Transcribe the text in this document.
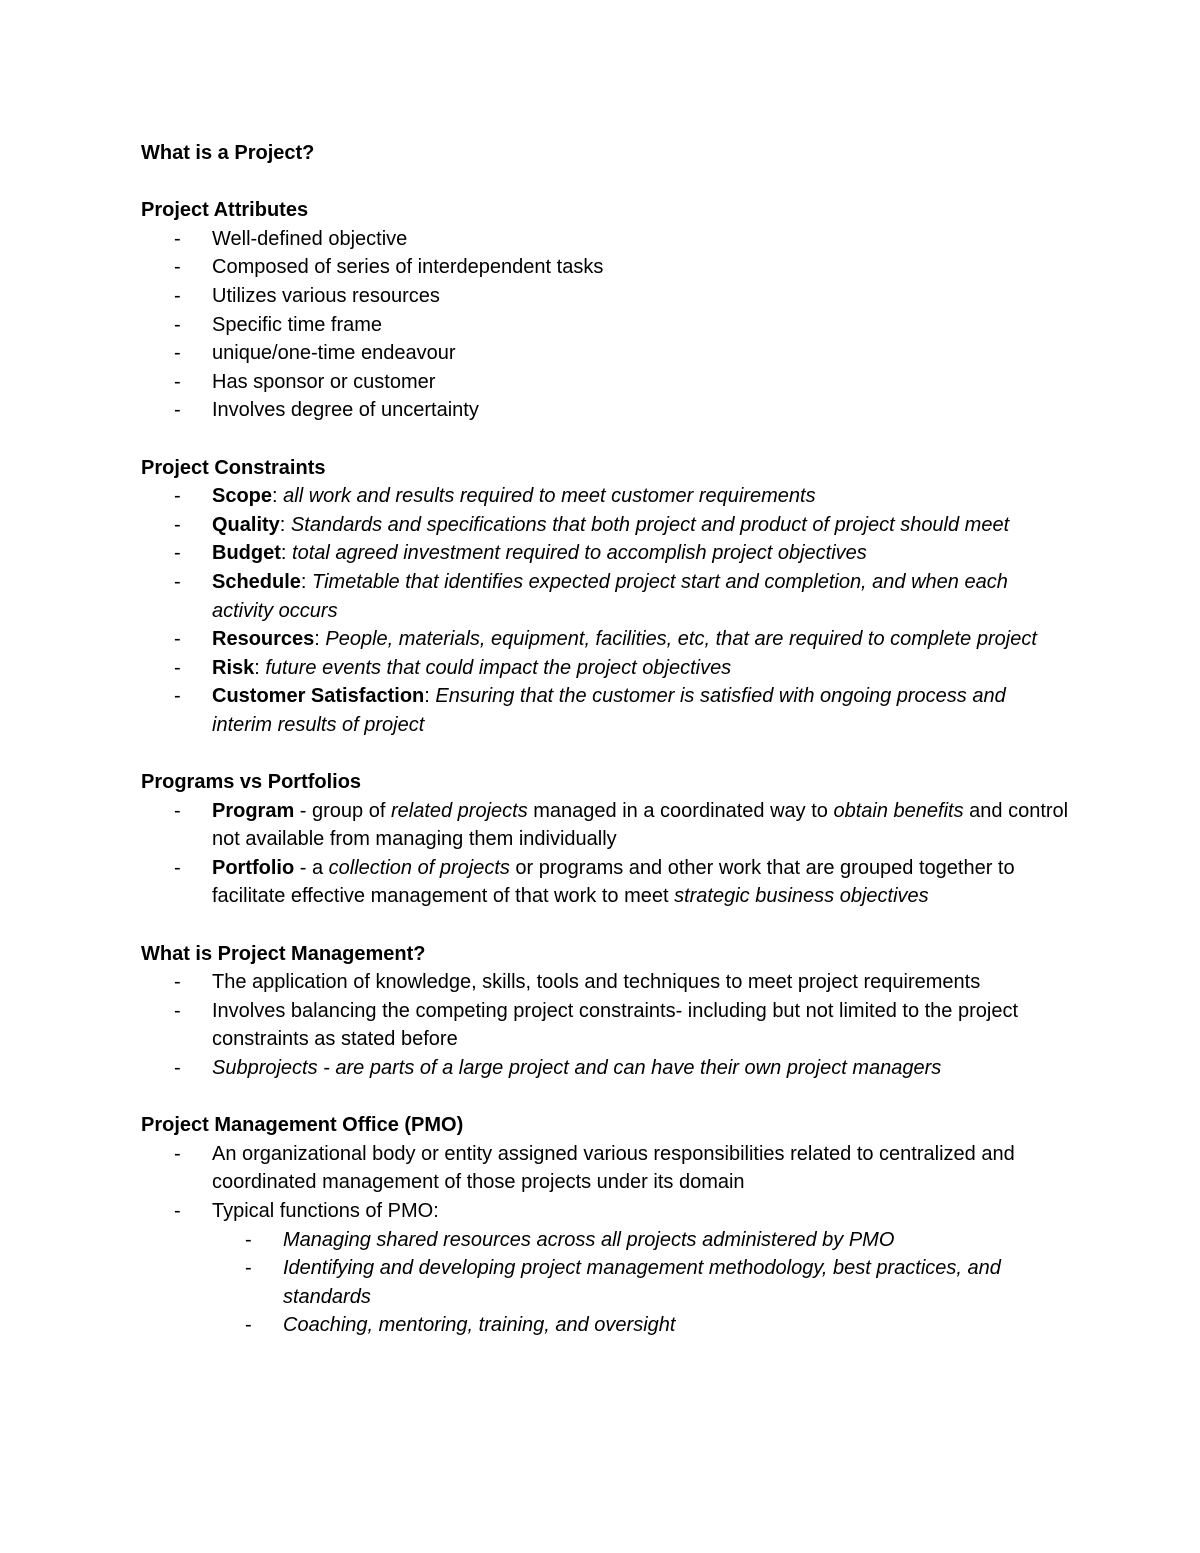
What is a Project?

Project Attributes

- Well-defined objective
- Composed of series of interdependent tasks
- Utilizes various resources
- Specific time frame
- unique/one-time endeavour
- Has sponsor or customer
- Involves degree of uncertainty

Project Constraints

- Scope: all work and results required to meet customer requirements
- Quality: Standards and specifications that both project and product of project should meet
- Budget: total agreed investment required to accomplish project objectives
- Schedule: Timetable that identifies expected project start and completion, and when each activity occurs
- Resources: People, materials, equipment, facilities, etc, that are required to complete project
- Risk: future events that could impact the project objectives
- Customer Satisfaction: Ensuring that the customer is satisfied with ongoing process and interim results of project

Programs vs Portfolios

- Program - group of related projects managed in a coordinated way to obtain benefits and control not available from managing them individually
- Portfolio - a collection of projects or programs and other work that are grouped together to facilitate effective management of that work to meet strategic business objectives

What is Project Management?

- The application of knowledge, skills, tools and techniques to meet project requirements
- Involves balancing the competing project constraints- including but not limited to the project constraints as stated before
- Subprojects - are parts of a large project and can have their own project managers

Project Management Office (PMO)

- An organizational body or entity assigned various responsibilities related to centralized and coordinated management of those projects under its domain
- Typical functions of PMO:
- Managing shared resources across all projects administered by PMO
- Identifying and developing project management methodology, best practices, and standards
- Coaching, mentoring, training, and oversight
